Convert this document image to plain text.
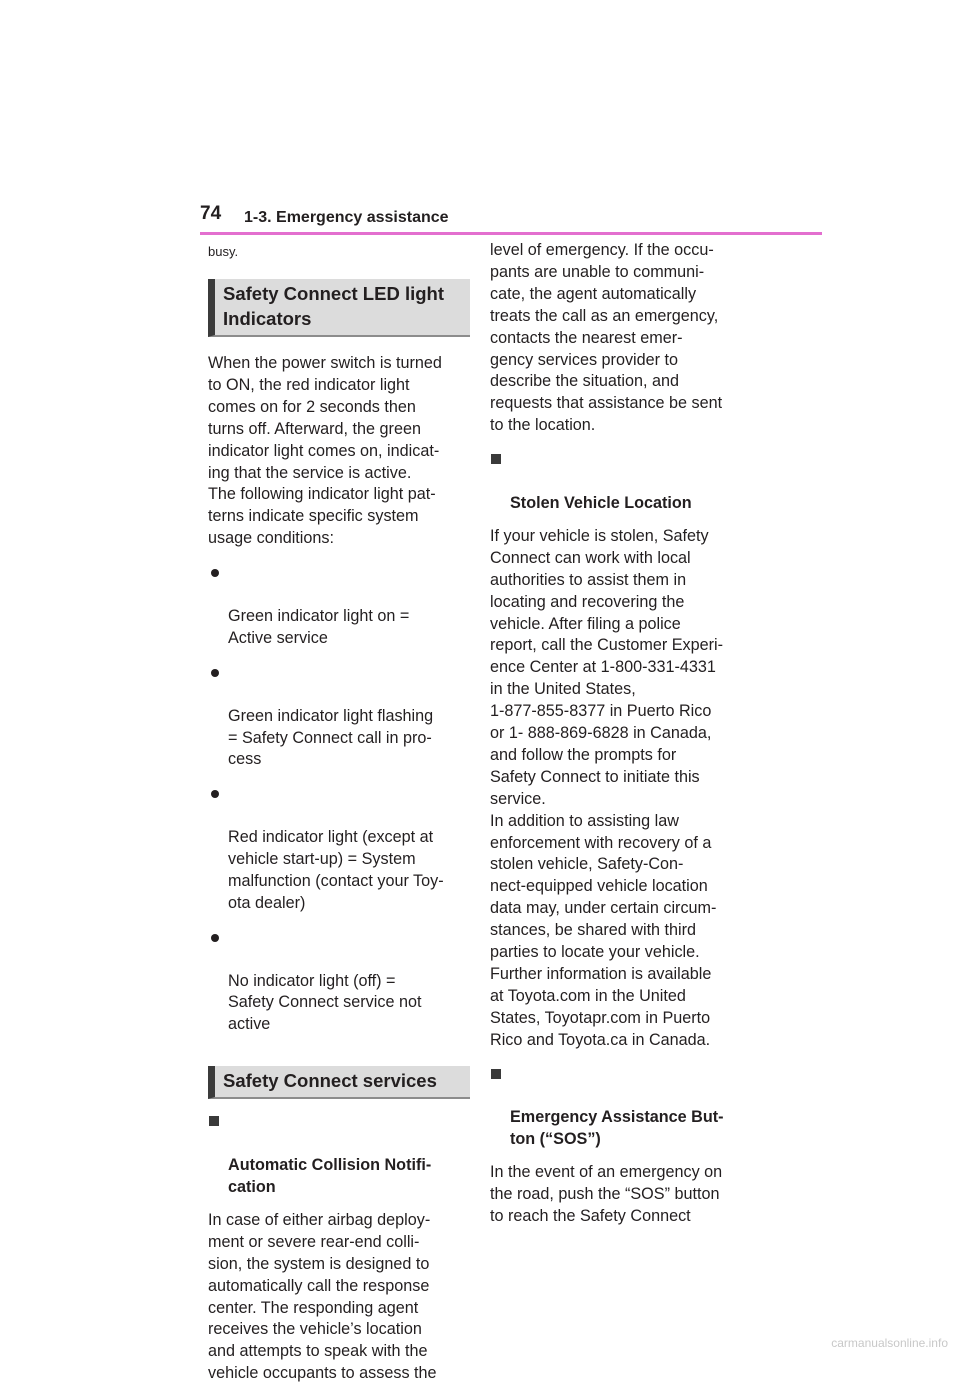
74 1-3. Emergency assistance

busy.

Safety Connect LED light
Indicators

When the power switch is turned
to ON, the red indicator light
comes on for 2 seconds then
turns off. Afterward, the green
indicator light comes on, indicat-
ing that the service is active.
The following indicator light pat-
terns indicate specific system
usage conditions:

Green indicator light on =
Active service

Green indicator light flashing
= Safety Connect call in pro-
cess

Red indicator light (except at
vehicle start-up) = System
malfunction (contact your Toy-
ota dealer)

No indicator light (off) =
Safety Connect service not
active

Safety Connect services

Automatic Collision Notifi-
cation

In case of either airbag deploy-
ment or severe rear-end colli-
sion, the system is designed to
automatically call the response
center. The responding agent
receives the vehicle’s location
and attempts to speak with the
vehicle occupants to assess the

level of emergency. If the occu-
pants are unable to communi-
cate, the agent automatically
treats the call as an emergency,
contacts the nearest emer-
gency services provider to
describe the situation, and
requests that assistance be sent
to the location.

Stolen Vehicle Location

If your vehicle is stolen, Safety
Connect can work with local
authorities to assist them in
locating and recovering the
vehicle. After filing a police
report, call the Customer Experi-
ence Center at 1-800-331-4331
in the United States,
1-877-855-8377 in Puerto Rico
or 1- 888-869-6828 in Canada,
and follow the prompts for
Safety Connect to initiate this
service.
In addition to assisting law
enforcement with recovery of a
stolen vehicle, Safety-Con-
nect-equipped vehicle location
data may, under certain circum-
stances, be shared with third
parties to locate your vehicle.
Further information is available
at Toyota.com in the United
States, Toyotapr.com in Puerto
Rico and Toyota.ca in Canada.

Emergency Assistance But-
ton (“SOS”)

In the event of an emergency on
the road, push the “SOS” button
to reach the Safety Connect

carmanualsonline.info
